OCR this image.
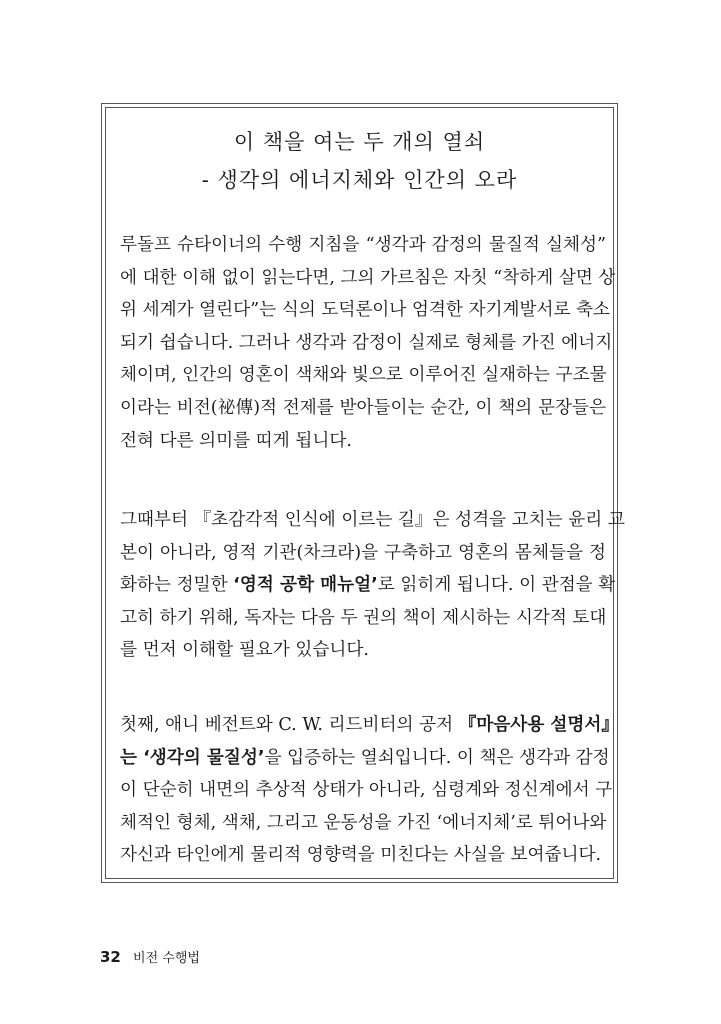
이 책을 여는 두 개의 열쇠
- 생각의 에너지체와 인간의 오라
루돌프 슈타이너의 수행 지침을 “생각과 감정의 물질적 실체성”
에 대한 이해 없이 읽는다면, 그의 가르침은 자칫 “착하게 살면 상
위 세계가 열린다”는 식의 도덕론이나 엄격한 자기계발서로 축소
되기 쉽습니다. 그러나 생각과 감정이 실제로 형체를 가진 에너지
체이며, 인간의 영혼이 색채와 빛으로 이루어진 실재하는 구조물
이라는 비전(祕傳)적 전제를 받아들이는 순간, 이 책의 문장들은
전혀 다른 의미를 띠게 됩니다.
그때부터 『초감각적 인식에 이르는 길』은 성격을 고치는 윤리 교
본이 아니라, 영적 기관(차크라)을 구축하고 영혼의 몸체들을 정
화하는 정밀한 ‘영적 공학 매뉴얼’로 읽히게 됩니다. 이 관점을 확
고히 하기 위해, 독자는 다음 두 권의 책이 제시하는 시각적 토대
를 먼저 이해할 필요가 있습니다.
첫째, 애니 베전트와 C. W. 리드비터의 공저 『마음사용 설명서』
는 ‘생각의 물질성’을 입증하는 열쇠입니다. 이 책은 생각과 감정
이 단순히 내면의 추상적 상태가 아니라, 심령계와 정신계에서 구
체적인 형체, 색채, 그리고 운동성을 가진 ‘에너지체’로 튀어나와
자신과 타인에게 물리적 영향력을 미친다는 사실을 보여줍니다.
32 비전 수행법
